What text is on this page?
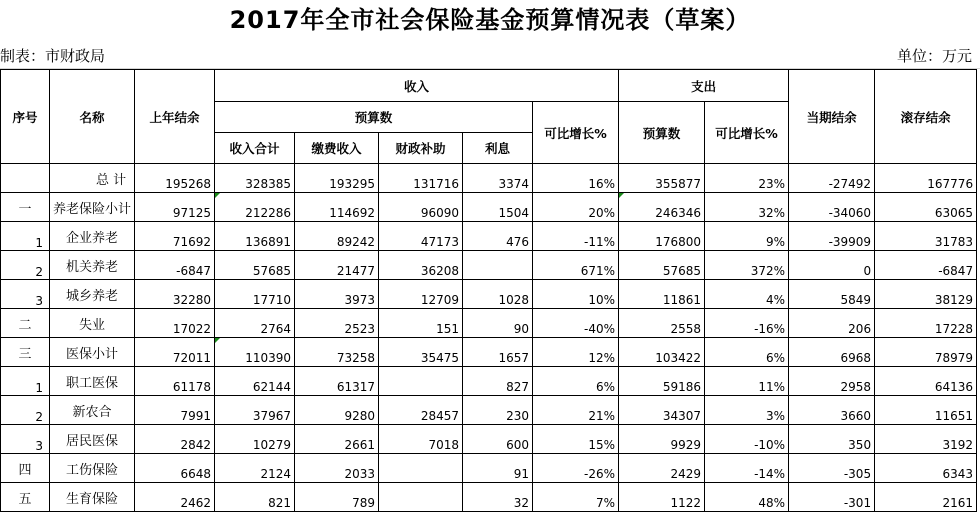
2017年全市社会保险基金预算情况表（草案）
制表：市财政局	单位：万元
序号	名称	上年结余	收入					支出		当期结余	滚存结余
			预算数				可比增长%	预算数	可比增长%		
			收入合计	缴费收入	财政补助	利息					
	总 计	195268	328385	193295	131716	3374	16%	355877	23%	-27492	167776
一	养老保险小计	97125	212286	114692	96090	1504	20%	246346	32%	-34060	63065
1	企业养老	71692	136891	89242	47173	476	-11%	176800	9%	-39909	31783
2	机关养老	-6847	57685	21477	36208		671%	57685	372%	0	-6847
3	城乡养老	32280	17710	3973	12709	1028	10%	11861	4%	5849	38129
二	失业	17022	2764	2523	151	90	-40%	2558	-16%	206	17228
三	医保小计	72011	110390	73258	35475	1657	12%	103422	6%	6968	78979
1	职工医保	61178	62144	61317		827	6%	59186	11%	2958	64136
2	新农合	7991	37967	9280	28457	230	21%	34307	3%	3660	11651
3	居民医保	2842	10279	2661	7018	600	15%	9929	-10%	350	3192
四	工伤保险	6648	2124	2033		91	-26%	2429	-14%	-305	6343
五	生育保险	2462	821	789		32	7%	1122	48%	-301	2161
